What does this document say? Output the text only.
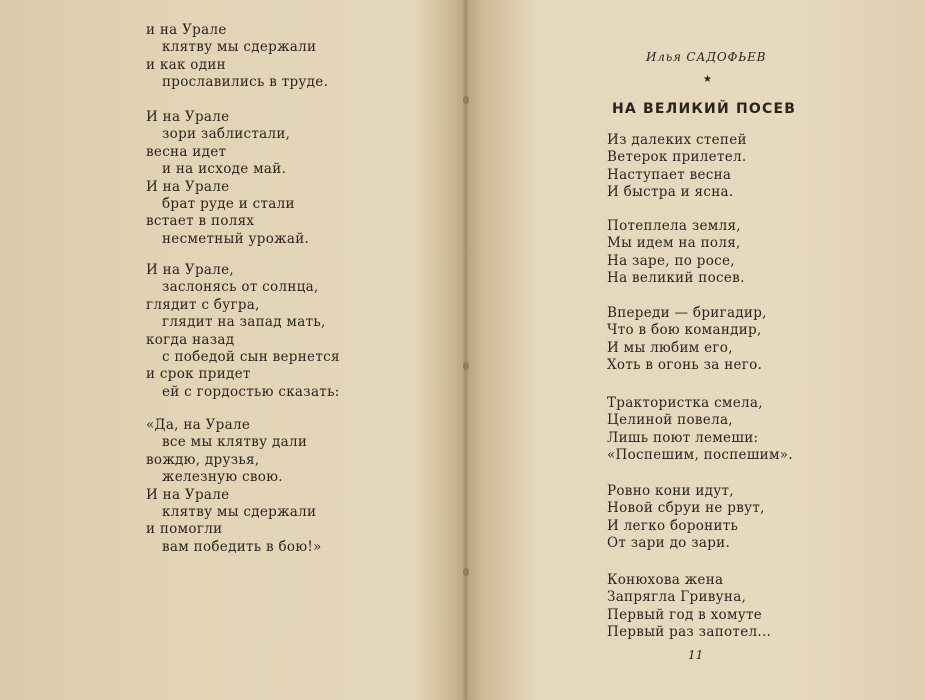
и на Урале
клятву мы сдержали
и как один
прославились в труде.
И на Урале
зори заблистали,
весна идет
и на исходе май.
И на Урале
брат руде и стали
встает в полях
несметный урожай.
И на Урале,
заслонясь от солнца,
глядит с бугра,
глядит на запад мать,
когда назад
с победой сын вернется
и срок придет
ей с гордостью сказать:
«Да, на Урале
все мы клятву дали
вождю, друзья,
железную свою.
И на Урале
клятву мы сдержали
и помогли
вам победить в бою!»
Илья САДОФЬЕВ
★
НА ВЕЛИКИЙ ПОСЕВ
Из далеких степей
Ветерок прилетел.
Наступает весна
И быстра и ясна.
Потеплела земля,
Мы идем на поля,
На заре, по росе,
На великий посев.
Впереди — бригадир,
Что в бою командир,
И мы любим его,
Хоть в огонь за него.
Трактористка смела,
Целиной повела,
Лишь поют лемеши:
«Поспешим, поспешим».
Ровно кони идут,
Новой сбруи не рвут,
И легко боронить
От зари до зари.
Конюхова жена
Запрягла Гривуна,
Первый год в хомуте
Первый раз запотел...
11
